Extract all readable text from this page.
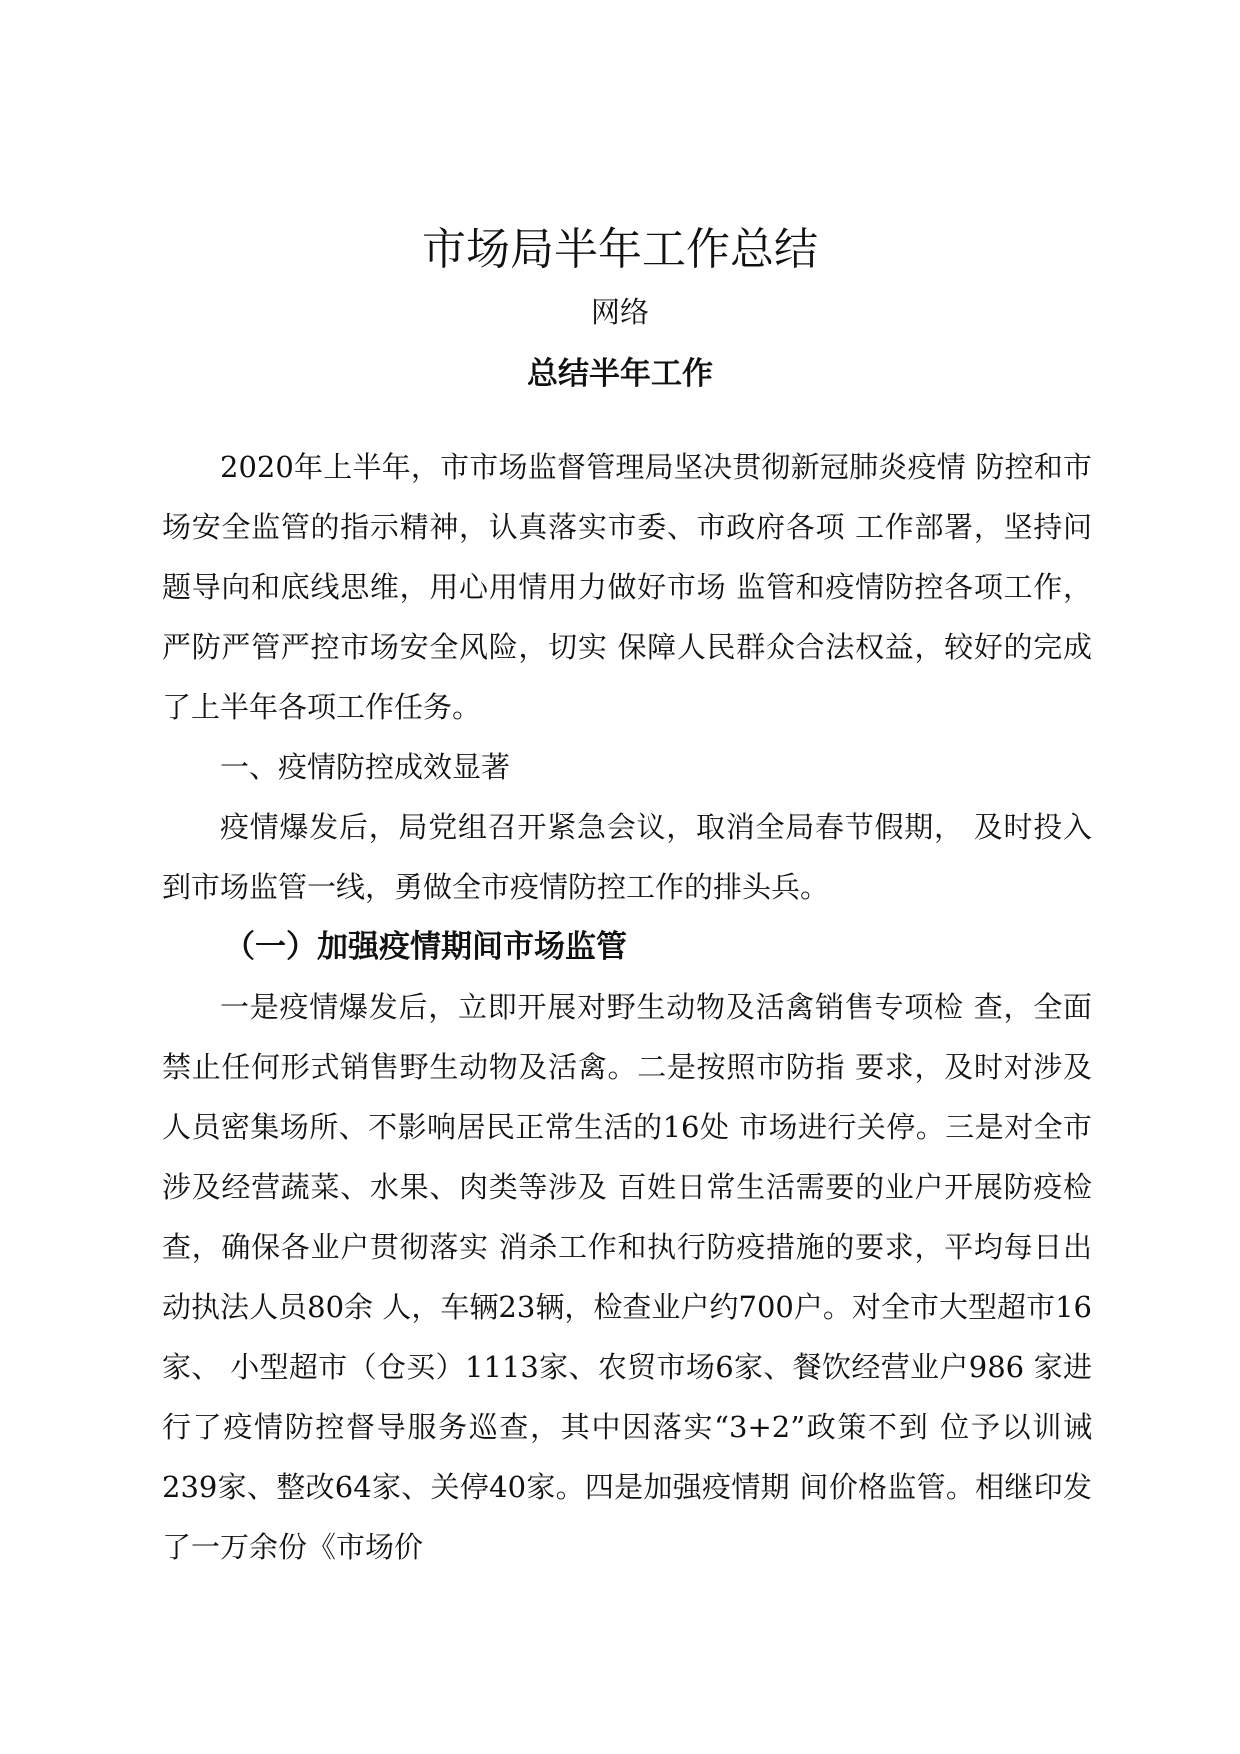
市场局半年工作总结
网络
总结半年工作

2020年上半年，市市场监督管理局坚决贯彻新冠肺炎疫情 防控和市场安全监管的指示精神，认真落实市委、市政府各项 工作部署，坚持问题导向和底线思维，用心用情用力做好市场 监管和疫情防控各项工作，严防严管严控市场安全风险，切实 保障人民群众合法权益，较好的完成了上半年各项工作任务。

一、疫情防控成效显著

疫情爆发后，局党组召开紧急会议，取消全局春节假期， 及时投入到市场监管一线，勇做全市疫情防控工作的排头兵。

（一）加强疫情期间市场监管

一是疫情爆发后，立即开展对野生动物及活禽销售专项检 查，全面禁止任何形式销售野生动物及活禽。二是按照市防指 要求，及时对涉及人员密集场所、不影响居民正常生活的16处 市场进行关停。三是对全市涉及经营蔬菜、水果、肉类等涉及 百姓日常生活需要的业户开展防疫检查，确保各业户贯彻落实 消杀工作和执行防疫措施的要求，平均每日出动执法人员80余 人，车辆23辆，检查业户约700户。对全市大型超市16家、 小型超市（仓买）1113家、农贸市场6家、餐饮经营业户986 家进行了疫情防控督导服务巡查，其中因落实“3+2”政策不到 位予以训诫239家、整改64家、关停40家。四是加强疫情期 间价格监管。相继印发了一万余份《市场价
